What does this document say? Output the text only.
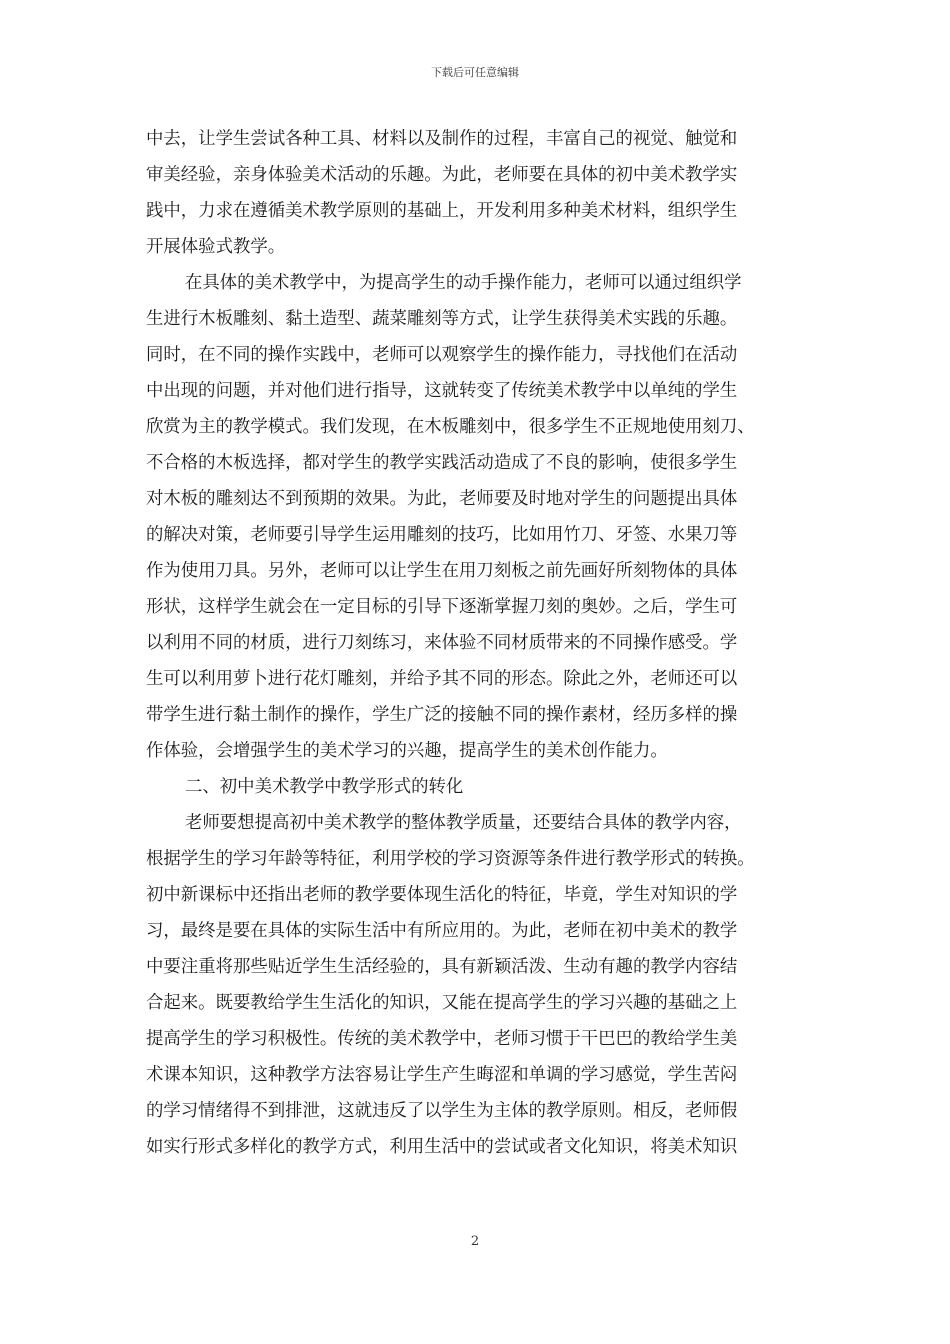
下载后可任意编辑
中去，让学生尝试各种工具、材料以及制作的过程，丰富自己的视觉、触觉和
审美经验，亲身体验美术活动的乐趣。为此，老师要在具体的初中美术教学实
践中，力求在遵循美术教学原则的基础上，开发利用多种美术材料，组织学生
开展体验式教学。
在具体的美术教学中，为提高学生的动手操作能力，老师可以通过组织学
生进行木板雕刻、黏土造型、蔬菜雕刻等方式，让学生获得美术实践的乐趣。
同时，在不同的操作实践中，老师可以观察学生的操作能力，寻找他们在活动
中出现的问题，并对他们进行指导，这就转变了传统美术教学中以单纯的学生
欣赏为主的教学模式。我们发现，在木板雕刻中，很多学生不正规地使用刻刀、
不合格的木板选择，都对学生的教学实践活动造成了不良的影响，使很多学生
对木板的雕刻达不到预期的效果。为此，老师要及时地对学生的问题提出具体
的解决对策，老师要引导学生运用雕刻的技巧，比如用竹刀、牙签、水果刀等
作为使用刀具。另外，老师可以让学生在用刀刻板之前先画好所刻物体的具体
形状，这样学生就会在一定目标的引导下逐渐掌握刀刻的奥妙。之后，学生可
以利用不同的材质，进行刀刻练习，来体验不同材质带来的不同操作感受。学
生可以利用萝卜进行花灯雕刻，并给予其不同的形态。除此之外，老师还可以
带学生进行黏土制作的操作，学生广泛的接触不同的操作素材，经历多样的操
作体验，会增强学生的美术学习的兴趣，提高学生的美术创作能力。
二、初中美术教学中教学形式的转化
老师要想提高初中美术教学的整体教学质量，还要结合具体的教学内容，
根据学生的学习年龄等特征，利用学校的学习资源等条件进行教学形式的转换。
初中新课标中还指出老师的教学要体现生活化的特征，毕竟，学生对知识的学
习，最终是要在具体的实际生活中有所应用的。为此，老师在初中美术的教学
中要注重将那些贴近学生生活经验的，具有新颖活泼、生动有趣的教学内容结
合起来。既要教给学生生活化的知识，又能在提高学生的学习兴趣的基础之上
提高学生的学习积极性。传统的美术教学中，老师习惯于干巴巴的教给学生美
术课本知识，这种教学方法容易让学生产生晦涩和单调的学习感觉，学生苦闷
的学习情绪得不到排泄，这就违反了以学生为主体的教学原则。相反，老师假
如实行形式多样化的教学方式，利用生活中的尝试或者文化知识，将美术知识
2
